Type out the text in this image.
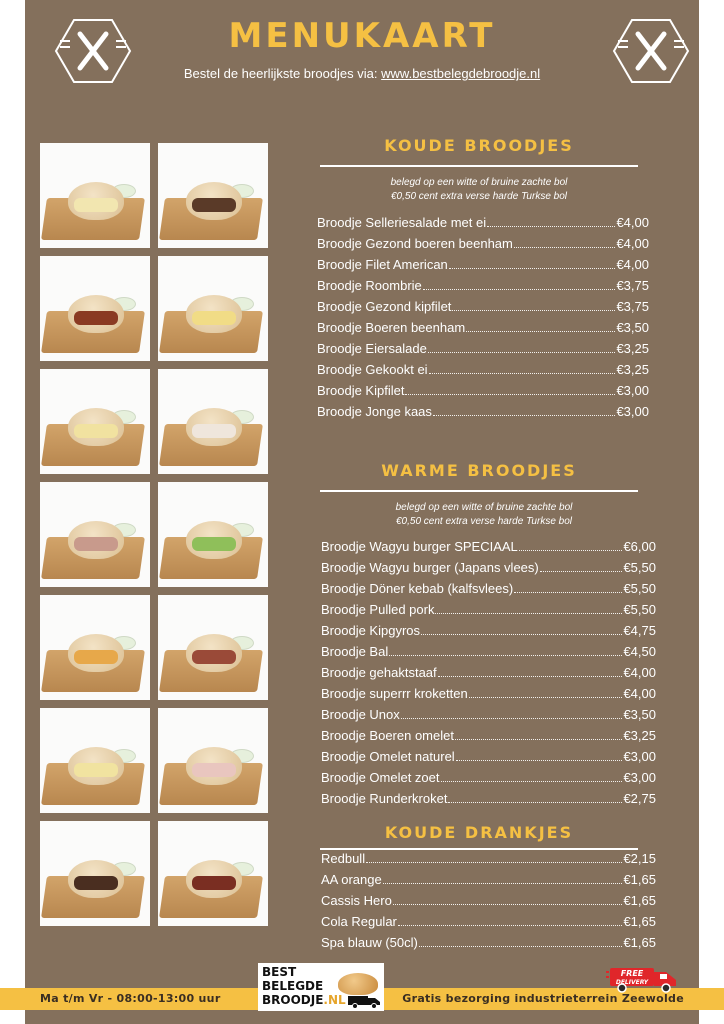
MENUKAART
Bestel de heerlijkste broodjes via: www.bestbelegdebroodje.nl
KOUDE BROODJES
belegd op een witte of bruine zachte bol
€0,50 cent extra verse harde Turkse bol
Broodje Selleriesalade met ei	€4,00
Broodje Gezond boeren beenham	€4,00
Broodje Filet American	€4,00
Broodje Roombrie	€3,75
Broodje Gezond kipfilet	€3,75
Broodje Boeren beenham	€3,50
Broodje Eiersalade	€3,25
Broodje Gekookt ei	€3,25
Broodje Kipfilet	€3,00
Broodje Jonge kaas	€3,00
WARME BROODJES
belegd op een witte of bruine zachte bol
€0,50 cent extra verse harde Turkse bol
Broodje Wagyu burger SPECIAAL	€6,00
Broodje Wagyu burger (Japans vlees)	€5,50
Broodje Döner kebab (kalfsvlees)	€5,50
Broodje Pulled pork	€5,50
Broodje Kipgyros	€4,75
Broodje Bal	€4,50
Broodje gehaktstaaf	€4,00
Broodje superrr kroketten	€4,00
Broodje Unox	€3,50
Broodje Boeren omelet	€3,25
Broodje Omelet naturel	€3,00
Broodje Omelet zoet	€3,00
Broodje Runderkroket	€2,75
KOUDE DRANKJES
Redbull	€2,15
AA orange	€1,65
Cassis Hero	€1,65
Cola Regular	€1,65
Spa blauw (50cl)	€1,65
Ma t/m Vr - 08:00-13:00 uur	Gratis bezorging industrieterrein Zeewolde
BEST
BELEGDE
BROODJE.NL
FREE
DELIVERY
